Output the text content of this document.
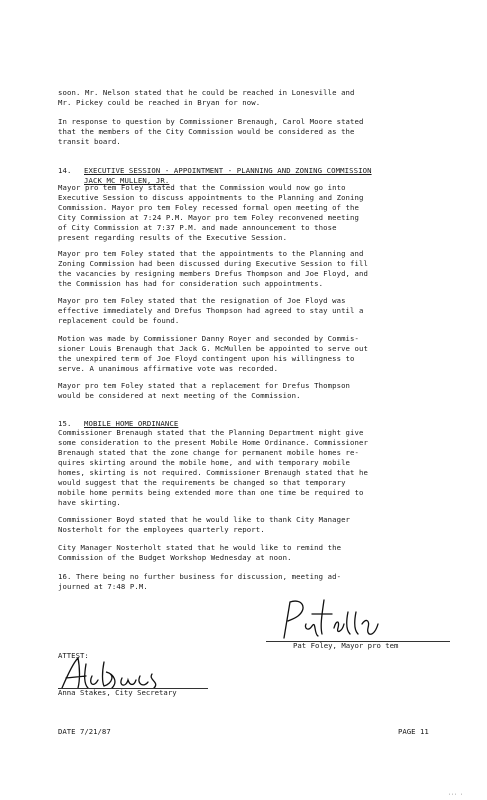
soon. Mr. Nelson stated that he could be reached in Lonesville and
Mr. Pickey could be reached in Bryan for now.

In response to question by Commissioner Brenaugh, Carol Moore stated
that the members of the City Commission would be considered as the
transit board.

14. EXECUTIVE SESSION - APPOINTMENT - PLANNING AND ZONING COMMISSION
JACK MC MULLEN, JR.

Mayor pro tem Foley stated that the Commission would now go into
Executive Session to discuss appointments to the Planning and Zoning
Commission. Mayor pro tem Foley recessed formal open meeting of the
City Commission at 7:24 P.M. Mayor pro tem Foley reconvened meeting
of City Commission at 7:37 P.M. and made announcement to those
present regarding results of the Executive Session.

Mayor pro tem Foley stated that the appointments to the Planning and
Zoning Commission had been discussed during Executive Session to fill
the vacancies by resigning members Drefus Thompson and Joe Floyd, and
the Commission has had for consideration such appointments.

Mayor pro tem Foley stated that the resignation of Joe Floyd was
effective immediately and Drefus Thompson had agreed to stay until a
replacement could be found.

Motion was made by Commissioner Danny Royer and seconded by Commis-
sioner Louis Brenaugh that Jack G. McMullen be appointed to serve out
the unexpired term of Joe Floyd contingent upon his willingness to
serve. A unanimous affirmative vote was recorded.

Mayor pro tem Foley stated that a replacement for Drefus Thompson
would be considered at next meeting of the Commission.

15. MOBILE HOME ORDINANCE

Commissioner Brenaugh stated that the Planning Department might give
some consideration to the present Mobile Home Ordinance. Commissioner
Brenaugh stated that the zone change for permanent mobile homes re-
quires skirting around the mobile home, and with temporary mobile
homes, skirting is not required. Commissioner Brenaugh stated that he
would suggest that the requirements be changed so that temporary
mobile home permits being extended more than one time be required to
have skirting.

Commissioner Boyd stated that he would like to thank City Manager
Nosterholt for the employees quarterly report.

City Manager Nosterholt stated that he would like to remind the
Commission of the Budget Workshop Wednesday at noon.

16. There being no further business for discussion, meeting ad-
journed at 7:48 P.M.

Pat Foley, Mayor pro tem
ATTEST:
Anna Stakes, City Secretary
DATE 7/21/87	PAGE 11
··· ·
